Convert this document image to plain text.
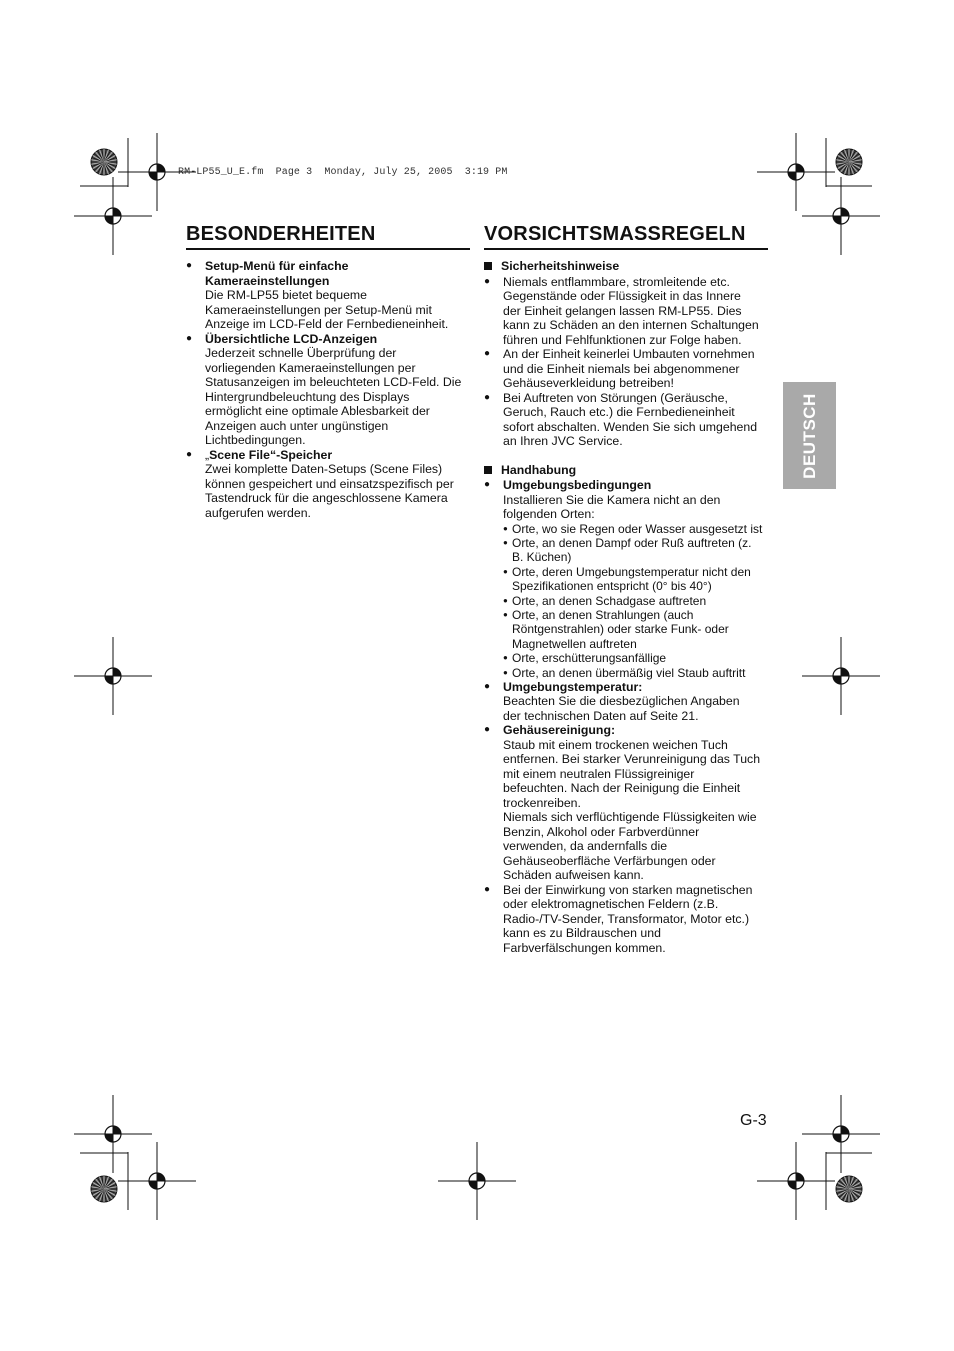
RM-LP55_U_E.fm  Page 3  Monday, July 25, 2005  3:19 PM
BESONDERHEITEN
● Setup-Menü für einfache
Kameraeinstellungen
Die RM-LP55 bietet bequeme
Kameraeinstellungen per Setup-Menü mit
Anzeige im LCD-Feld der Fernbedieneinheit.
● Übersichtliche LCD-Anzeigen
Jederzeit schnelle Überprüfung der
vorliegenden Kameraeinstellungen per
Statusanzeigen im beleuchteten LCD-Feld. Die
Hintergrundbeleuchtung des Displays
ermöglicht eine optimale Ablesbarkeit der
Anzeigen auch unter ungünstigen
Lichtbedingungen.
● „Scene File“-Speicher
Zwei komplette Daten-Setups (Scene Files)
können gespeichert und einsatzspezifisch per
Tastendruck für die angeschlossene Kamera
aufgerufen werden.
VORSICHTSMASSREGELN
Sicherheitshinweise
● Niemals entflammbare, stromleitende etc.
Gegenstände oder Flüssigkeit in das Innere
der Einheit gelangen lassen RM-LP55. Dies
kann zu Schäden an den internen Schaltungen
führen und Fehlfunktionen zur Folge haben.
● An der Einheit keinerlei Umbauten vornehmen
und die Einheit niemals bei abgenommener
Gehäuseverkleidung betreiben!
● Bei Auftreten von Störungen (Geräusche,
Geruch, Rauch etc.) die Fernbedieneinheit
sofort abschalten. Wenden Sie sich umgehend
an Ihren JVC Service.
Handhabung
● Umgebungsbedingungen
Installieren Sie die Kamera nicht an den
folgenden Orten:
● Orte, wo sie Regen oder Wasser ausgesetzt ist
● Orte, an denen Dampf oder Ruß auftreten (z.
B. Küchen)
● Orte, deren Umgebungstemperatur nicht den
Spezifikationen entspricht (0° bis 40°)
● Orte, an denen Schadgase auftreten
● Orte, an denen Strahlungen (auch
Röntgenstrahlen) oder starke Funk- oder
Magnetwellen auftreten
● Orte, erschütterungsanfällige
● Orte, an denen übermäßig viel Staub auftritt
● Umgebungstemperatur:
Beachten Sie die diesbezüglichen Angaben
der technischen Daten auf Seite 21.
● Gehäusereinigung:
Staub mit einem trockenen weichen Tuch
entfernen. Bei starker Verunreinigung das Tuch
mit einem neutralen Flüssigreiniger
befeuchten. Nach der Reinigung die Einheit
trockenreiben.
Niemals sich verflüchtigende Flüssigkeiten wie
Benzin, Alkohol oder Farbverdünner
verwenden, da andernfalls die
Gehäuseoberfläche Verfärbungen oder
Schäden aufweisen kann.
● Bei der Einwirkung von starken magnetischen
oder elektromagnetischen Feldern (z.B.
Radio-/TV-Sender, Transformator, Motor etc.)
kann es zu Bildrauschen und
Farbverfälschungen kommen.
DEUTSCH
G-3
